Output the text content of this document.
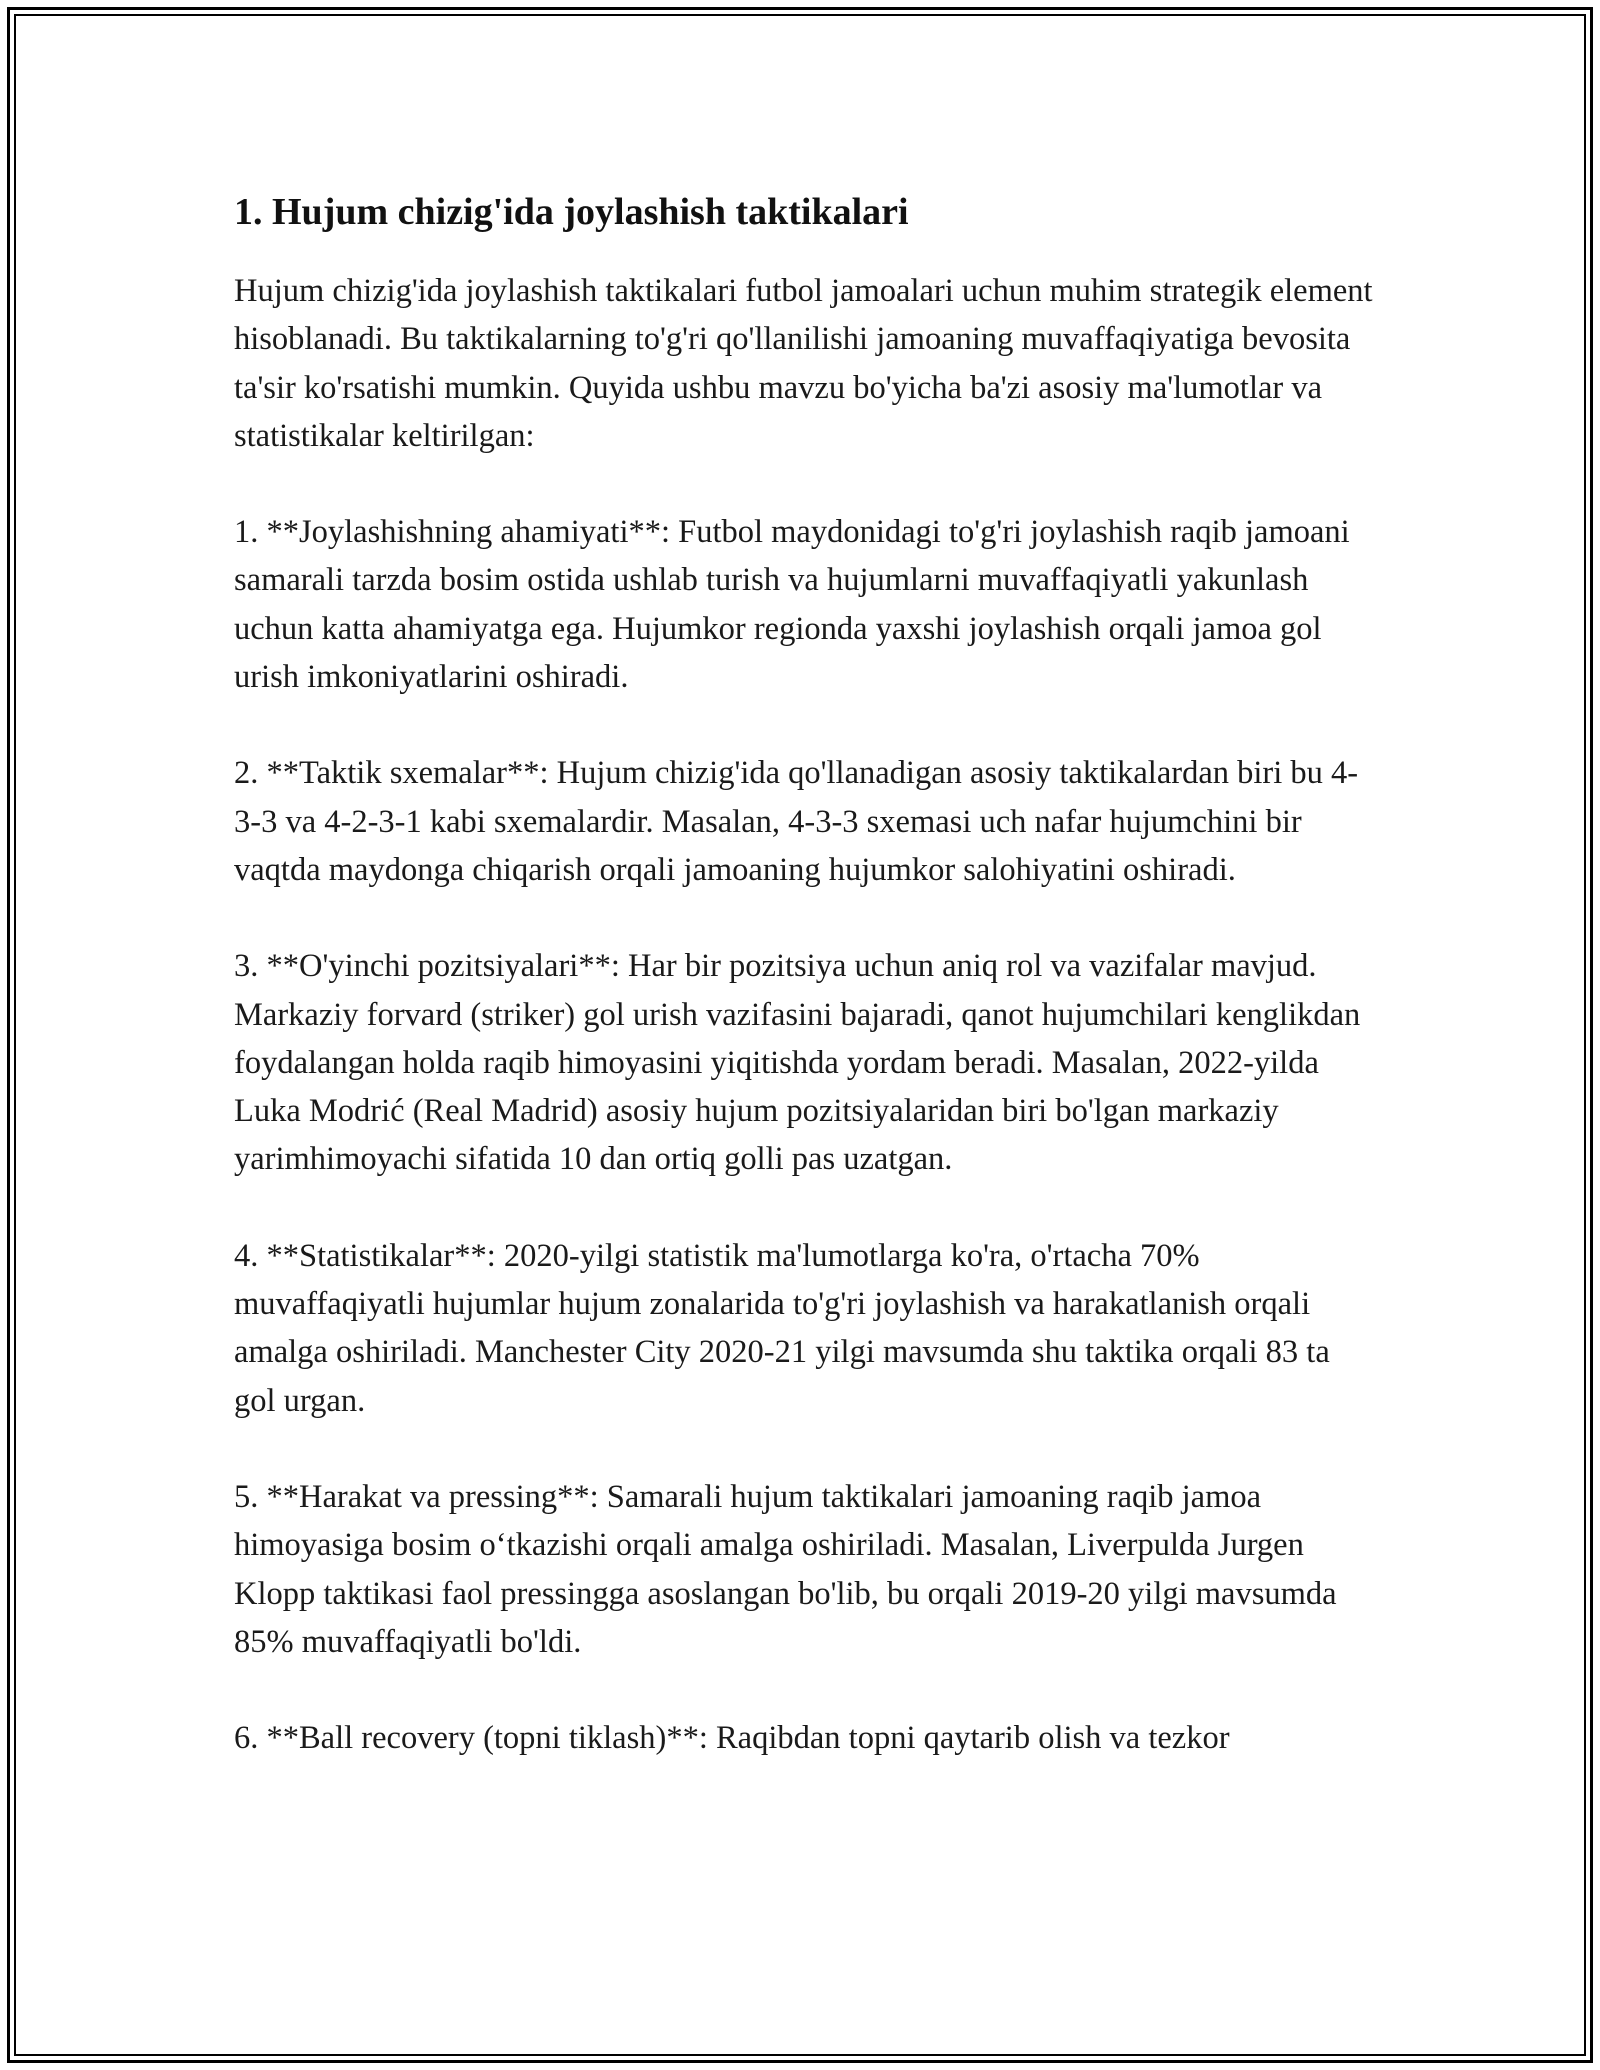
1. Hujum chizig'ida joylashish taktikalari

Hujum chizig'ida joylashish taktikalari futbol jamoalari uchun muhim strategik element hisoblanadi. Bu taktikalarning to'g'ri qo'llanilishi jamoaning muvaffaqiyatiga bevosita ta'sir ko'rsatishi mumkin. Quyida ushbu mavzu bo'yicha ba'zi asosiy ma'lumotlar va statistikalar keltirilgan:

1. **Joylashishning ahamiyati**: Futbol maydonidagi to'g'ri joylashish raqib jamoani samarali tarzda bosim ostida ushlab turish va hujumlarni muvaffaqiyatli yakunlash uchun katta ahamiyatga ega. Hujumkor regionda yaxshi joylashish orqali jamoa gol urish imkoniyatlarini oshiradi.

2. **Taktik sxemalar**: Hujum chizig'ida qo'llanadigan asosiy taktikalardan biri bu 4-3-3 va 4-2-3-1 kabi sxemalardir. Masalan, 4-3-3 sxemasi uch nafar hujumchini bir vaqtda maydonga chiqarish orqali jamoaning hujumkor salohiyatini oshiradi.

3. **O'yinchi pozitsiyalari**: Har bir pozitsiya uchun aniq rol va vazifalar mavjud. Markaziy forvard (striker) gol urish vazifasini bajaradi, qanot hujumchilari kenglikdan foydalangan holda raqib himoyasini yiqitishda yordam beradi. Masalan, 2022-yilda Luka Modrić (Real Madrid) asosiy hujum pozitsiyalaridan biri bo'lgan markaziy yarimhimoyachi sifatida 10 dan ortiq golli pas uzatgan.

4. **Statistikalar**: 2020-yilgi statistik ma'lumotlarga ko'ra, o'rtacha 70% muvaffaqiyatli hujumlar hujum zonalarida to'g'ri joylashish va harakatlanish orqali amalga oshiriladi. Manchester City 2020-21 yilgi mavsumda shu taktika orqali 83 ta gol urgan.

5. **Harakat va pressing**: Samarali hujum taktikalari jamoaning raqib jamoa himoyasiga bosim oʻtkazishi orqali amalga oshiriladi. Masalan, Liverpulda Jurgen Klopp taktikasi faol pressingga asoslangan bo'lib, bu orqali 2019-20 yilgi mavsumda 85% muvaffaqiyatli bo'ldi.

6. **Ball recovery (topni tiklash)**: Raqibdan topni qaytarib olish va tezkor
